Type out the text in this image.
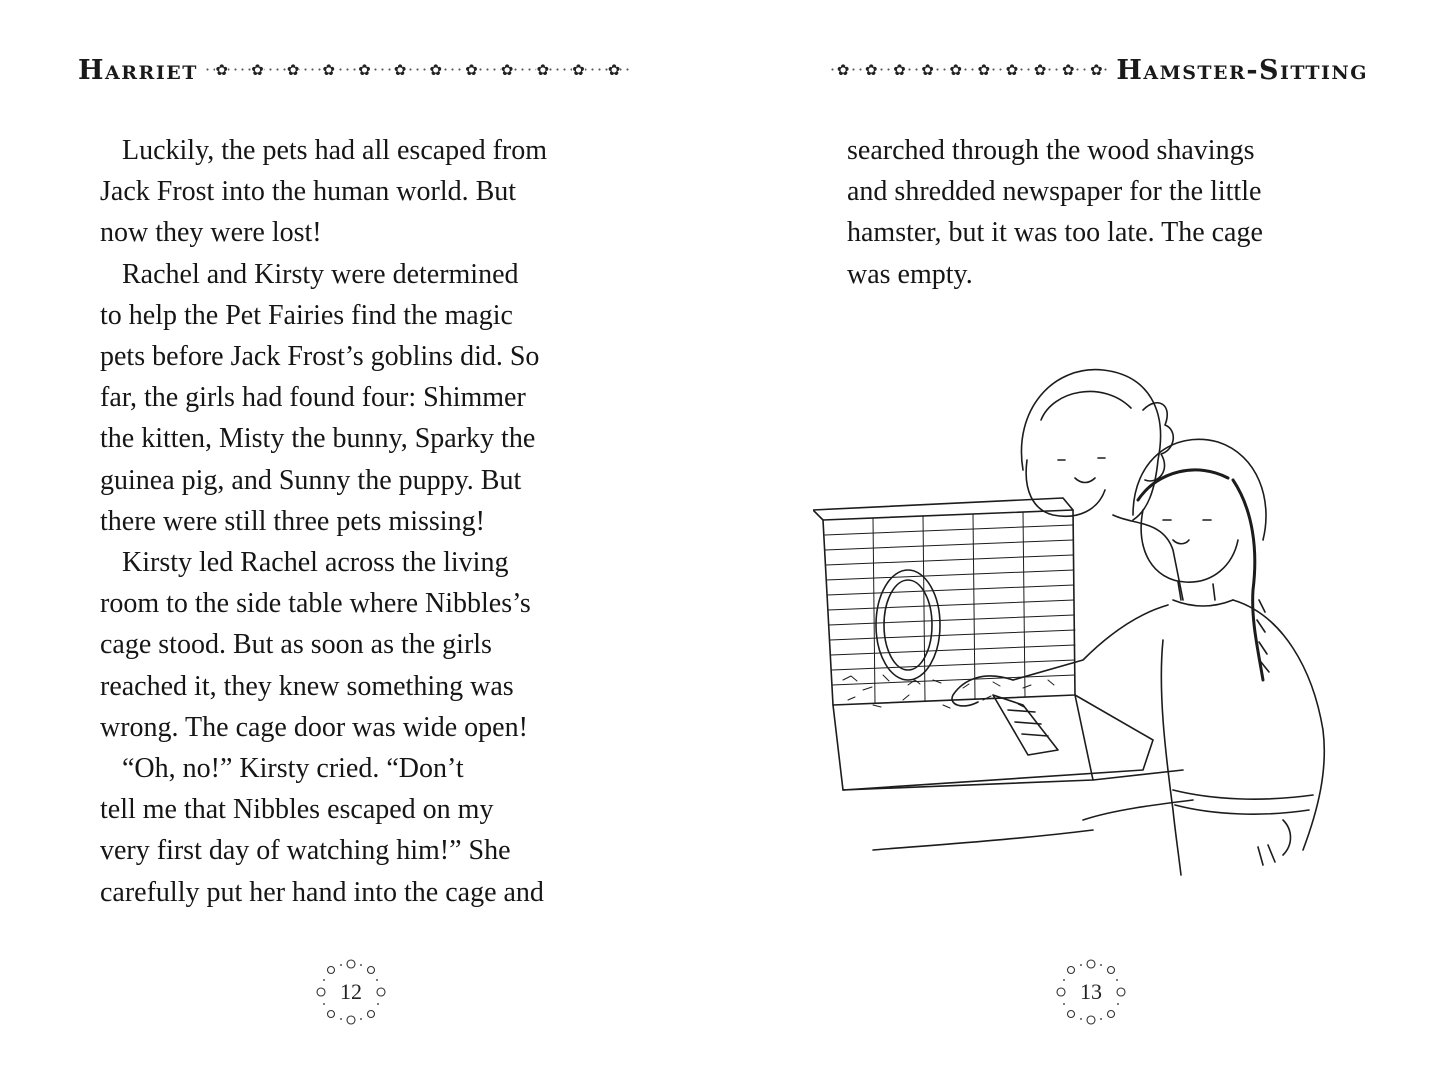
Harriet ✿ ✿ ✿ ✿ ✿ ✿ ✿ ✿ ✿ ✿ ✿ ✿
Luckily, the pets had all escaped from
Jack Frost into the human world. But
now they were lost!
Rachel and Kirsty were determined
to help the Pet Fairies find the magic
pets before Jack Frost’s goblins did. So
far, the girls had found four: Shimmer
the kitten, Misty the bunny, Sparky the
guinea pig, and Sunny the puppy. But
there were still three pets missing!
Kirsty led Rachel across the living
room to the side table where Nibbles’s
cage stood. But as soon as the girls
reached it, they knew something was
wrong. The cage door was wide open!
“Oh, no!” Kirsty cried. “Don’t
tell me that Nibbles escaped on my
very first day of watching him!” She
carefully put her hand into the cage and
12
✿ ✿ ✿ ✿ ✿ ✿ ✿ ✿ ✿ ✿ Hamster-Sitting
searched through the wood shavings
and shredded newspaper for the little
hamster, but it was too late. The cage
was empty.
13
